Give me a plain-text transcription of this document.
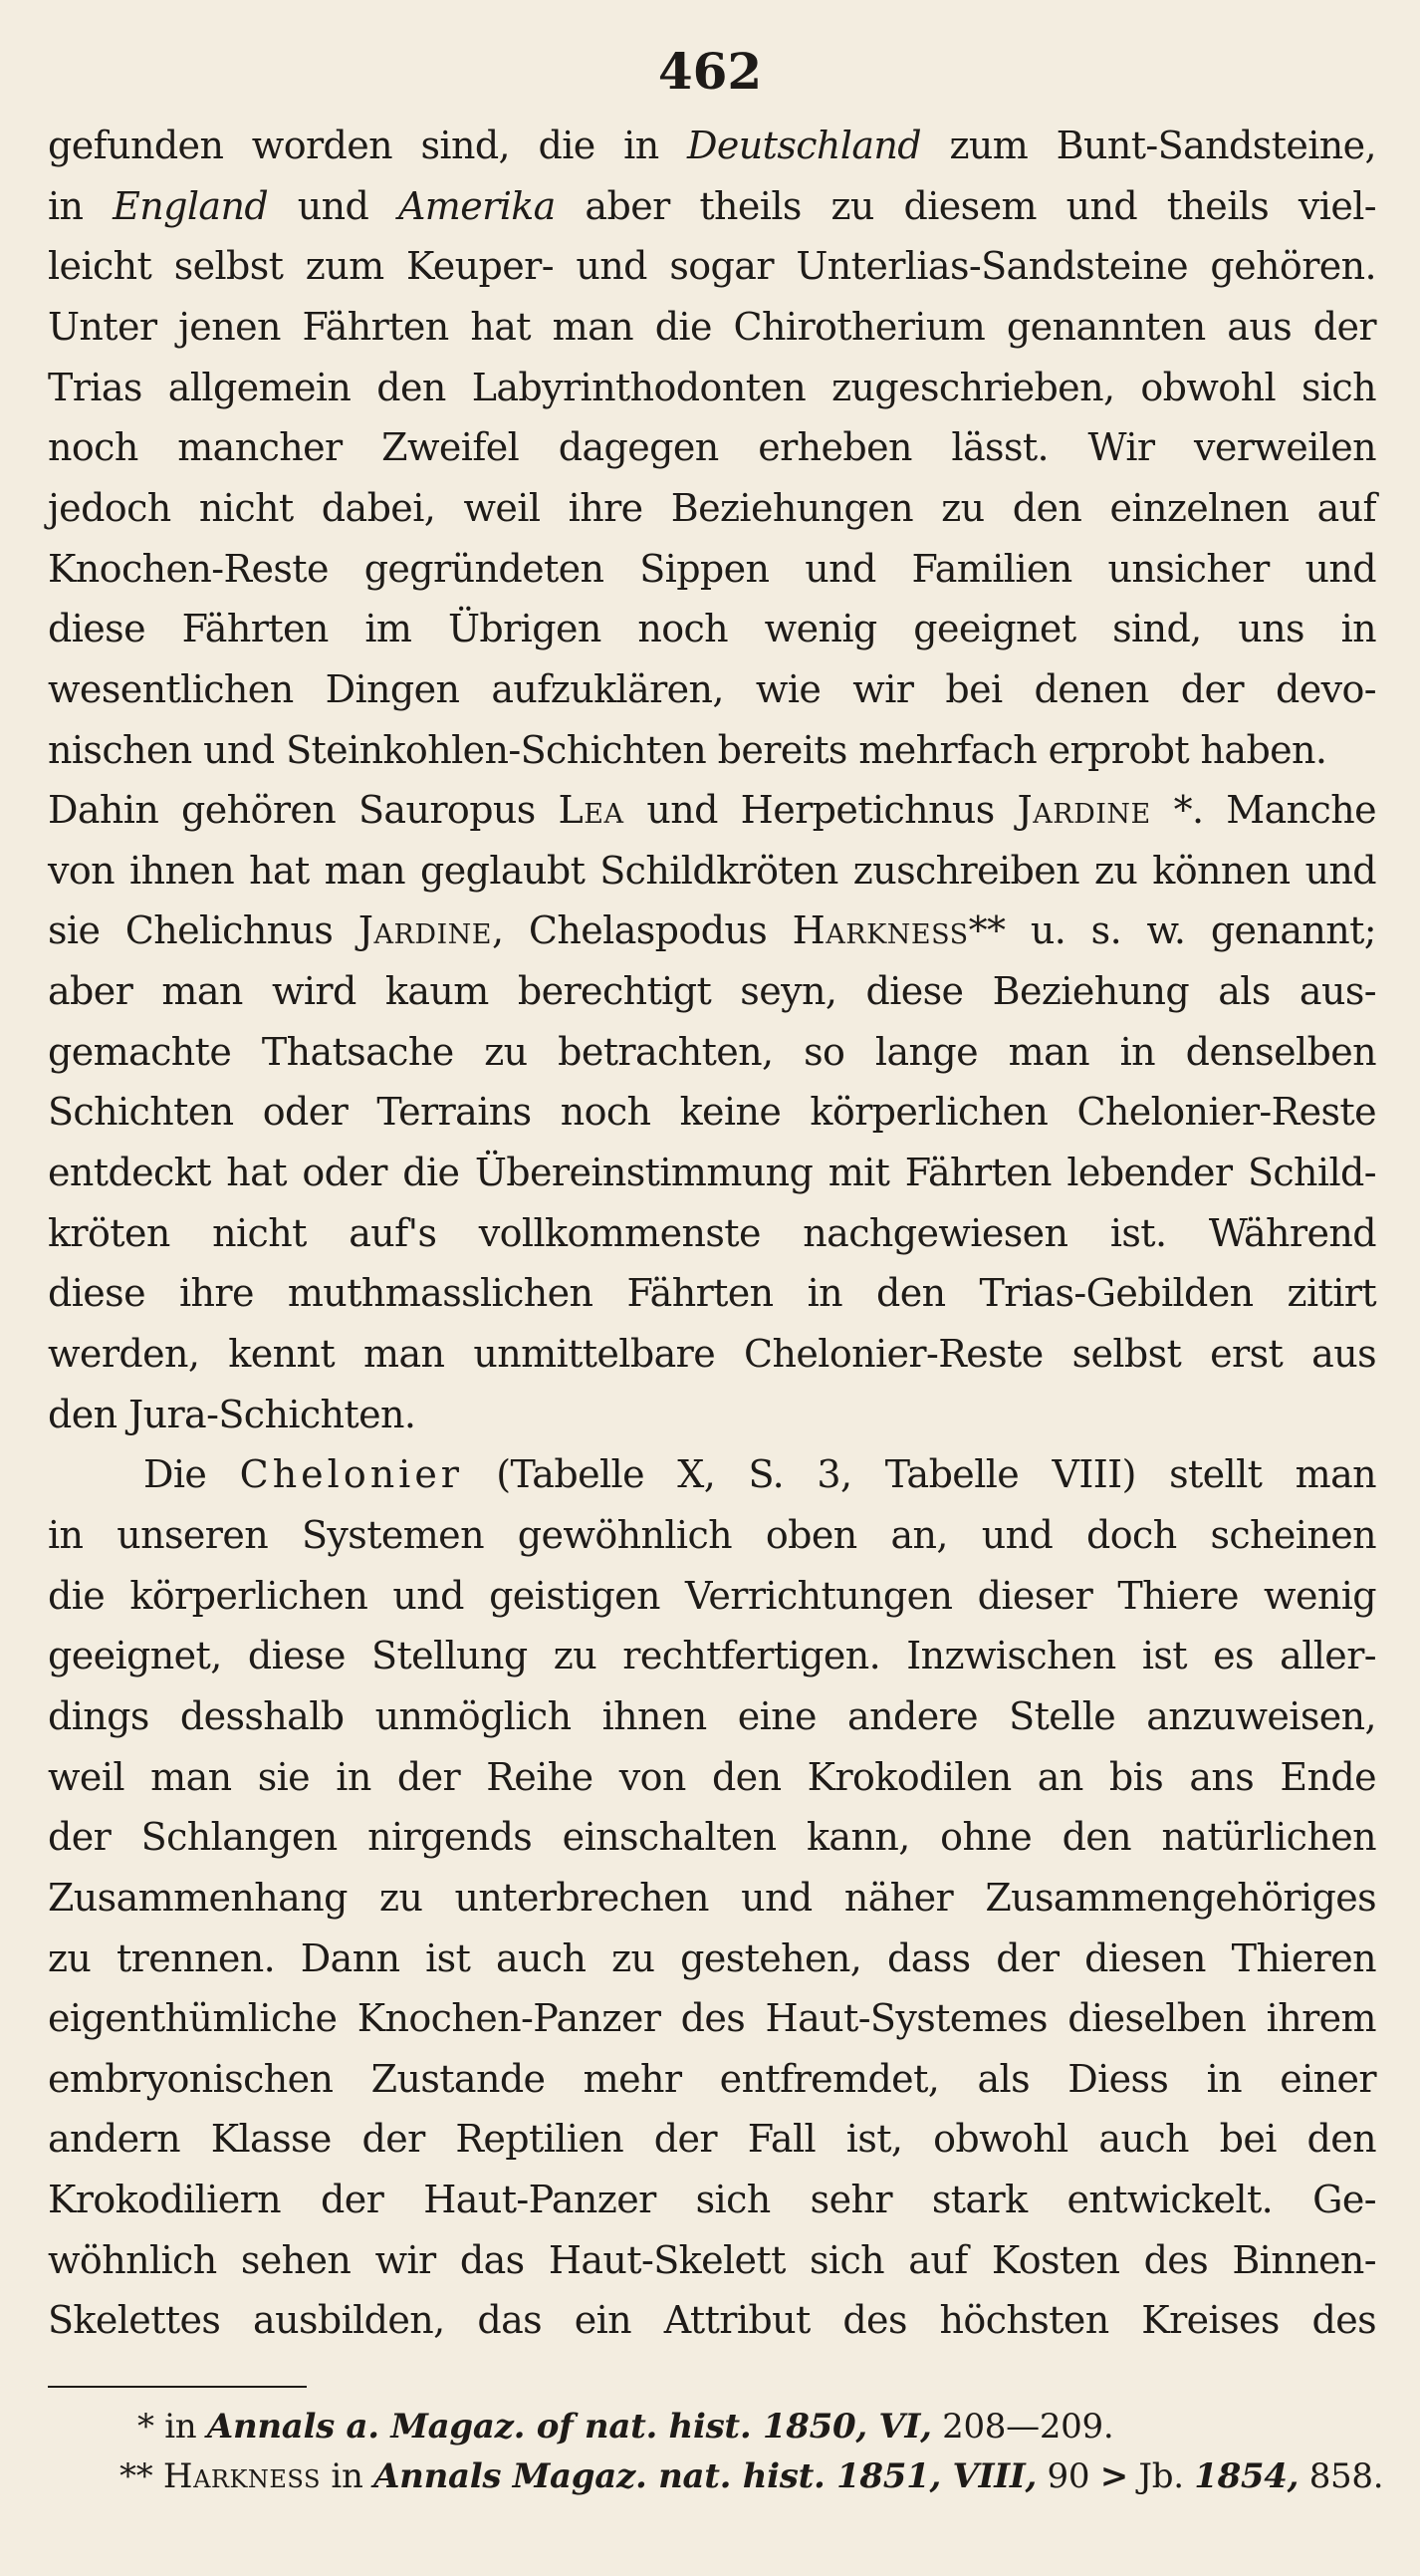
462
gefunden worden sind, die in Deutschland zum Bunt-Sandsteine,
in England und Amerika aber theils zu diesem und theils viel-
leicht selbst zum Keuper- und sogar Unterlias-Sandsteine gehören.
Unter jenen Fährten hat man die Chirotherium genannten aus der
Trias allgemein den Labyrinthodonten zugeschrieben, obwohl sich
noch mancher Zweifel dagegen erheben lässt. Wir verweilen
jedoch nicht dabei, weil ihre Beziehungen zu den einzelnen auf
Knochen-Reste gegründeten Sippen und Familien unsicher und
diese Fährten im Übrigen noch wenig geeignet sind, uns in
wesentlichen Dingen aufzuklären, wie wir bei denen der devo-
nischen und Steinkohlen-Schichten bereits mehrfach erprobt haben.
Dahin gehören Sauropus Lea und Herpetichnus Jardine *. Manche
von ihnen hat man geglaubt Schildkröten zuschreiben zu können und
sie Chelichnus Jardine, Chelaspodus Harkness** u. s. w. genannt;
aber man wird kaum berechtigt seyn, diese Beziehung als aus-
gemachte Thatsache zu betrachten, so lange man in denselben
Schichten oder Terrains noch keine körperlichen Chelonier-Reste
entdeckt hat oder die Übereinstimmung mit Fährten lebender Schild-
kröten nicht auf's vollkommenste nachgewiesen ist. Während
diese ihre muthmasslichen Fährten in den Trias-Gebilden zitirt
werden, kennt man unmittelbare Chelonier-Reste selbst erst aus
den Jura-Schichten.
Die Chelonier (Tabelle X, S. 3, Tabelle VIII) stellt man
in unseren Systemen gewöhnlich oben an, und doch scheinen
die körperlichen und geistigen Verrichtungen dieser Thiere wenig
geeignet, diese Stellung zu rechtfertigen. Inzwischen ist es aller-
dings desshalb unmöglich ihnen eine andere Stelle anzuweisen,
weil man sie in der Reihe von den Krokodilen an bis ans Ende
der Schlangen nirgends einschalten kann, ohne den natürlichen
Zusammenhang zu unterbrechen und näher Zusammengehöriges
zu trennen. Dann ist auch zu gestehen, dass der diesen Thieren
eigenthümliche Knochen-Panzer des Haut-Systemes dieselben ihrem
embryonischen Zustande mehr entfremdet, als Diess in einer
andern Klasse der Reptilien der Fall ist, obwohl auch bei den
Krokodiliern der Haut-Panzer sich sehr stark entwickelt. Ge-
wöhnlich sehen wir das Haut-Skelett sich auf Kosten des Binnen-
Skelettes ausbilden, das ein Attribut des höchsten Kreises des
* in Annals a. Magaz. of nat. hist. 1850, VI, 208—209.
** Harkness in Annals Magaz. nat. hist. 1851, VIII, 90 > Jb. 1854, 858.
